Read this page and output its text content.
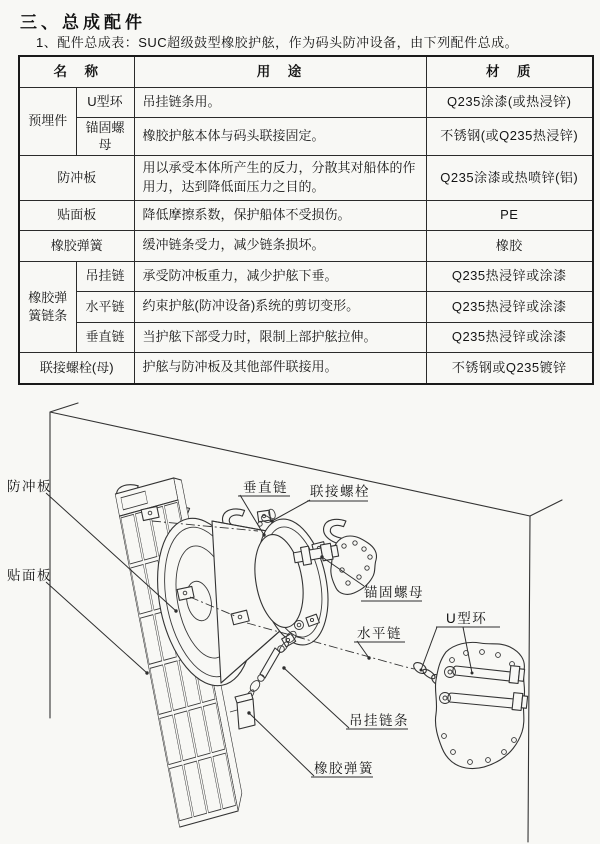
三、总成配件
1、配件总成表：SUC超级鼓型橡胶护舷，作为码头防冲设备，由下列配件总成。
名　称		用　途	材　质
预埋件	U型环	吊挂链条用。	Q235涂漆(或热浸锌)
	锚固螺母	橡胶护舷本体与码头联接固定。	不锈钢(或Q235热浸锌)
防冲板		用以承受本体所产生的反力，分散其对船体的作用力，达到降低面压力之目的。	Q235涂漆或热喷锌(铝)
贴面板		降低摩擦系数，保护船体不受损伤。	PE
橡胶弹簧		缓冲链条受力，减少链条损坏。	橡胶
橡胶弹簧链条	吊挂链	承受防冲板重力，减少护舷下垂。	Q235热浸锌或涂漆
	水平链	约束护舷(防冲设备)系统的剪切变形。	Q235热浸锌或涂漆
	垂直链	当护舷下部受力时，限制上部护舷拉伸。	Q235热浸锌或涂漆
联接螺栓(母)		护舷与防冲板及其他部件联接用。	不锈钢或Q235镀锌
防冲板
贴面板
垂直链 联接螺栓
锚固螺母
水平链
U型环
吊挂链条
橡胶弹簧
